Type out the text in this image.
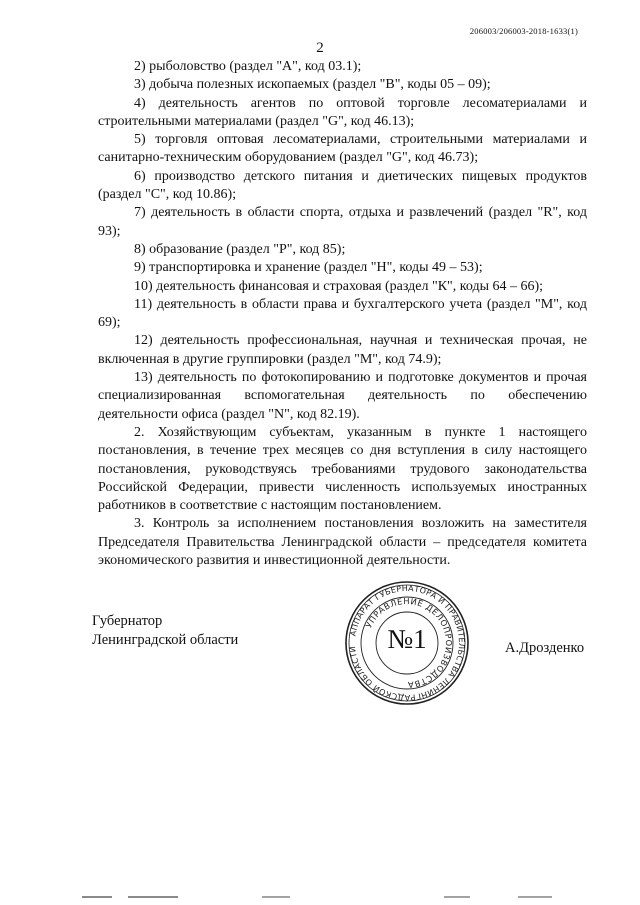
206003/206003-2018-1633(1)
2

2) рыболовство (раздел "А", код 03.1);

3) добыча полезных ископаемых (раздел "В", коды 05 – 09);

4) деятельность агентов по оптовой торговле лесоматериалами и строительными материалами (раздел "G", код 46.13);

5) торговля оптовая лесоматериалами, строительными материалами и санитарно-техническим оборудованием (раздел "G", код 46.73);

6) производство детского питания и диетических пищевых продуктов (раздел "С", код 10.86);

7) деятельность в области спорта, отдыха и развлечений (раздел "R", код 93);

8) образование (раздел "Р", код 85);

9) транспортировка и хранение (раздел "Н", коды 49 – 53);

10) деятельность финансовая и страховая (раздел "К", коды 64 – 66);

11) деятельность в области права и бухгалтерского учета (раздел "М", код 69);

12) деятельность профессиональная, научная и техническая прочая, не включенная в другие группировки (раздел "М", код 74.9);

13) деятельность по фотокопированию и подготовке документов и прочая специализированная вспомогательная деятельность по обеспечению деятельности офиса (раздел "N", код 82.19).

2. Хозяйствующим субъектам, указанным в пункте 1 настоящего постановления, в течение трех месяцев со дня вступления в силу настоящего постановления, руководствуясь требованиями трудового законодательства Российской Федерации, привести численность используемых иностранных работников в соответствие с настоящим постановлением.

3. Контроль за исполнением постановления возложить на заместителя Председателя Правительства Ленинградской области – председателя комитета экономического развития и инвестиционной деятельности.

Губернатор
Ленинградской области	АППАРАТ ГУБЕРНАТОРА И ПРАВИТЕЛЬСТВА ЛЕНИНГРАДСКОЙ ОБЛАСТИ
УПРАВЛЕНИЕ ДЕЛОПРОИЗВОДСТВА
№1	А.Дрозденко
